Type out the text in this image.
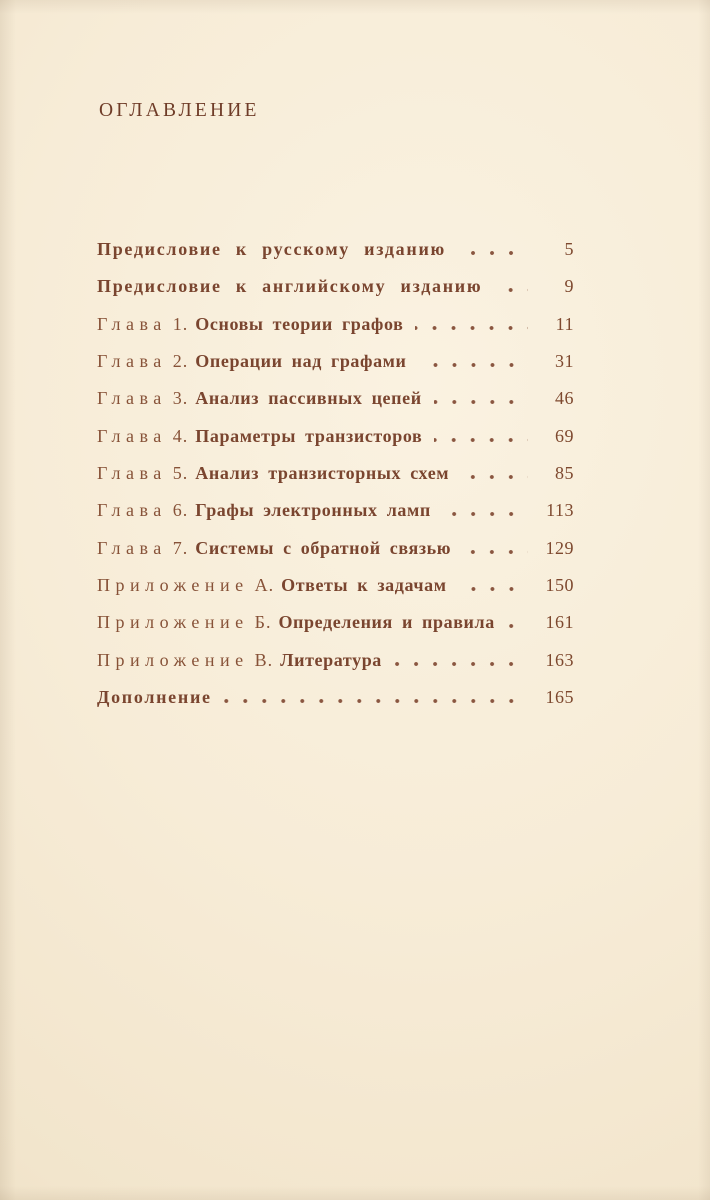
ОГЛАВЛЕНИЕ
Предисловие к русскому изданию	5
Предисловие к английскому изданию	9
Глава 1. Основы теории графов	11
Глава 2. Операции над графами	31
Глава 3. Анализ пассивных цепей	46
Глава 4. Параметры транзисторов	69
Глава 5. Анализ транзисторных схем	85
Глава 6. Графы электронных ламп	113
Глава 7. Системы с обратной связью	129
Приложение А. Ответы к задачам	150
Приложение Б. Определения и правила	161
Приложение В. Литература	163
Дополнение	165
